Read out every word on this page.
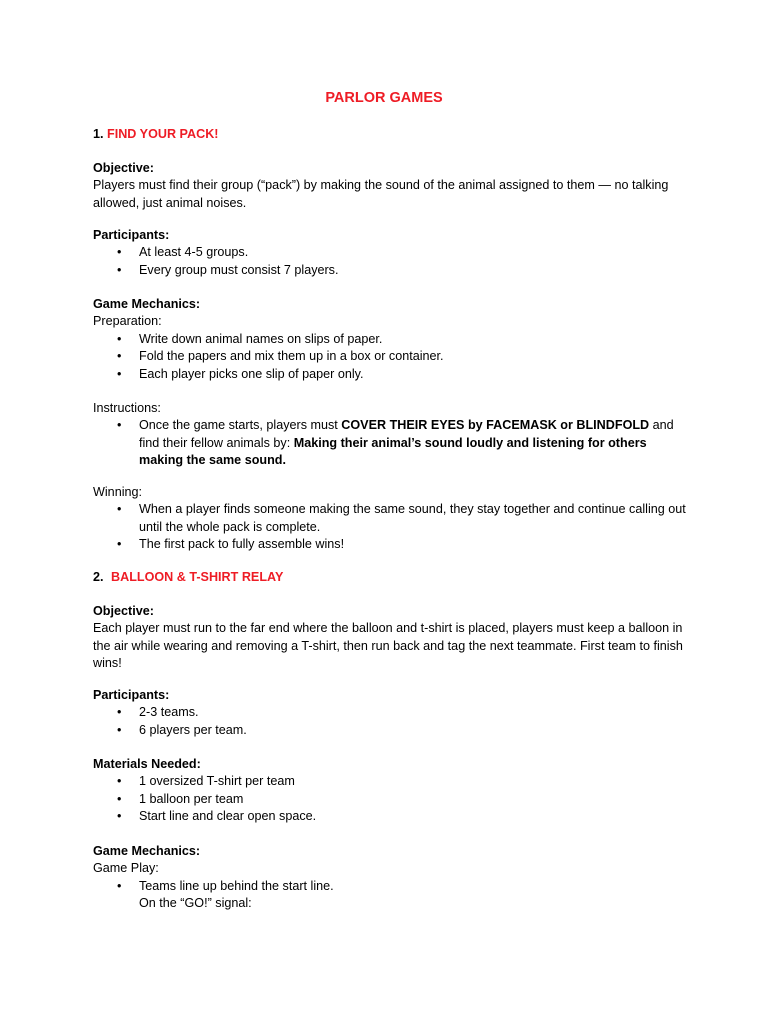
PARLOR GAMES
1. FIND YOUR PACK!

Objective:

Players must find their group (“pack”) by making the sound of the animal assigned to them — no talking allowed, just animal noises.

Participants:

•	At least 4-5 groups.
•	Every group must consist 7 players.

Game Mechanics:

Preparation:

•	Write down animal names on slips of paper.
•	Fold the papers and mix them up in a box or container.
•	Each player picks one slip of paper only.

Instructions:

•	Once the game starts, players must COVER THEIR EYES by FACEMASK or BLINDFOLD and find their fellow animals by: Making their animal’s sound loudly and listening for others making the same sound.

Winning:

•	When a player finds someone making the same sound, they stay together and continue calling out until the whole pack is complete.
•	The first pack to fully assemble wins!
2. BALLOON & T-SHIRT RELAY

Objective:

Each player must run to the far end where the balloon and t-shirt is placed, players must keep a balloon in the air while wearing and removing a T-shirt, then run back and tag the next teammate. First team to finish wins!

Participants:

•	2-3 teams.
•	6 players per team.

Materials Needed:

•	1 oversized T-shirt per team
•	1 balloon per team
•	Start line and clear open space.

Game Mechanics:

Game Play:

•	Teams line up behind the start line.
On the “GO!” signal:
